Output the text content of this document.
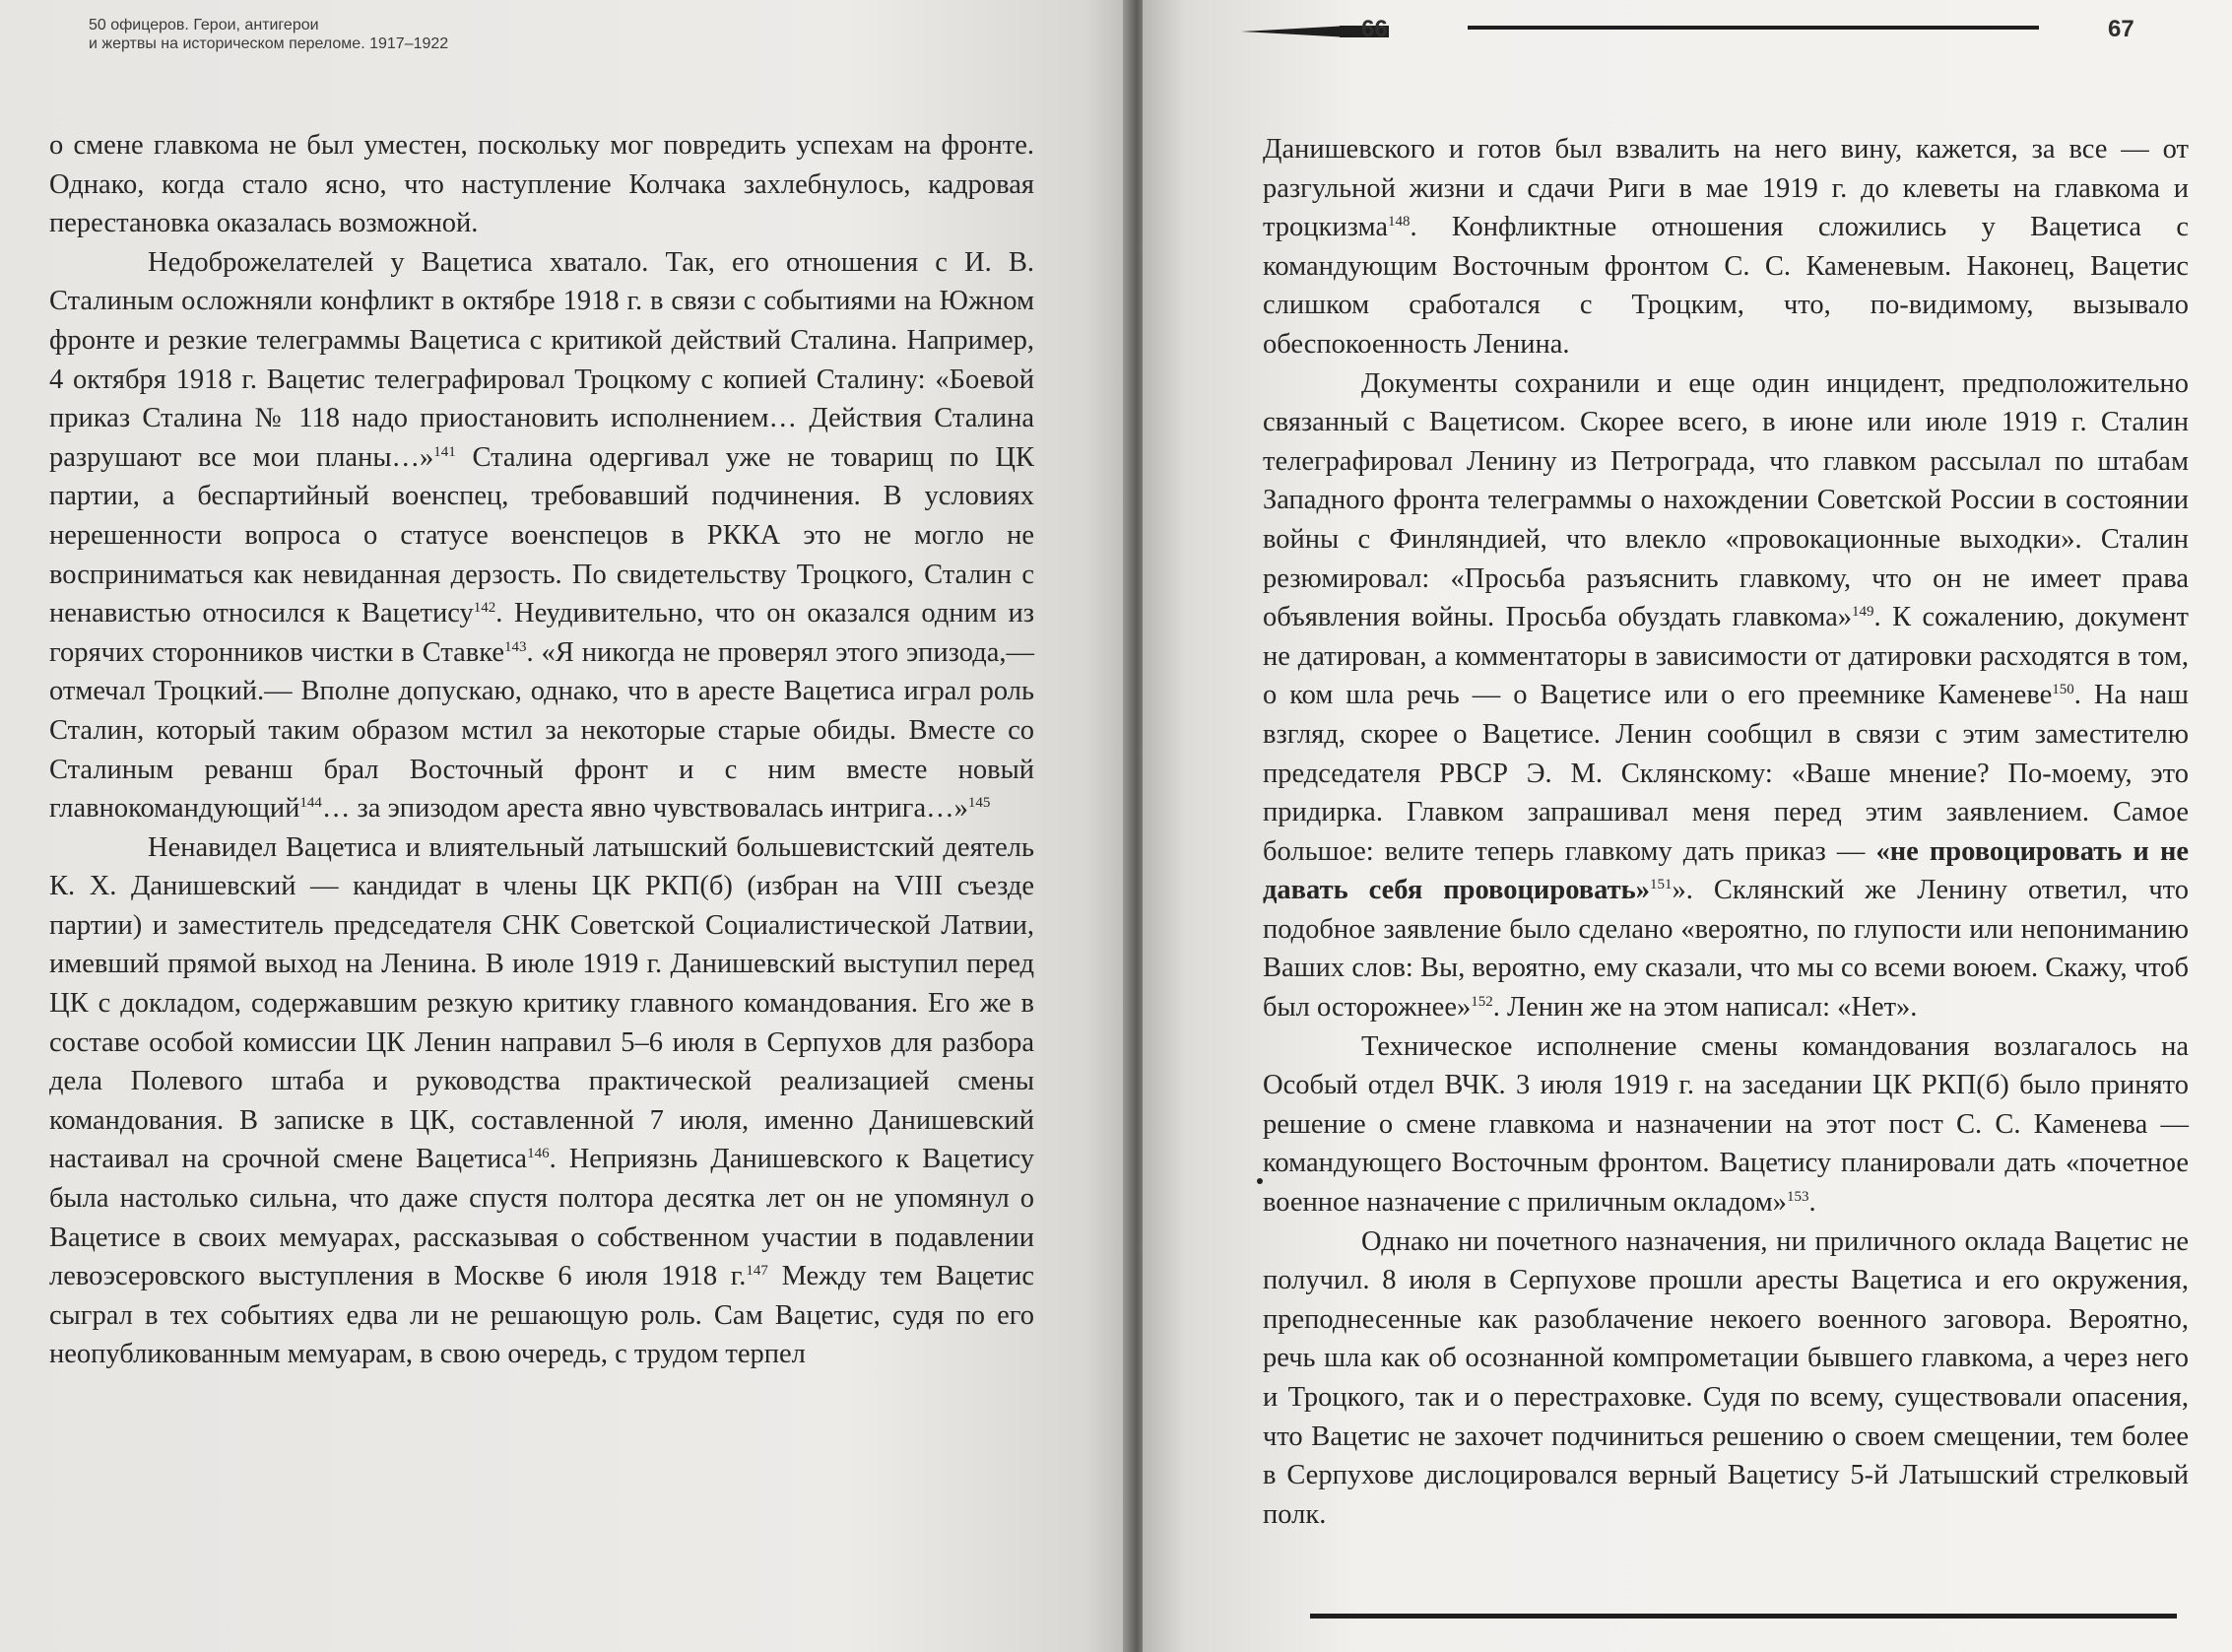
50 офицеров. Герои, антигерои
и жертвы на историческом переломе. 1917–1922

о смене главкома не был уместен, поскольку мог повредить успехам на фронте. Однако, когда стало ясно, что наступление Колчака захлебнулось, кадровая перестановка оказалась возможной.

Недоброжелателей у Вацетиса хватало. Так, его отношения с И. В. Сталиным осложняли конфликт в октябре 1918 г. в связи с событиями на Южном фронте и резкие телеграммы Вацетиса с критикой действий Сталина. Например, 4 октября 1918 г. Вацетис телеграфировал Троцкому с копией Сталину: «Боевой приказ Сталина № 118 надо приостановить исполнением… Действия Сталина разрушают все мои планы…»$^{141}$ Сталина одергивал уже не товарищ по ЦК партии, а беспартийный военспец, требовавший подчинения. В условиях нерешенности вопроса о статусе военспецов в РККА это не могло не восприниматься как невиданная дерзость. По свидетельству Троцкого, Сталин с ненавистью относился к Вацетису$^{142}$. Неудивительно, что он оказался одним из горячих сторонников чистки в Ставке$^{143}$. «Я никогда не проверял этого эпизода,— отмечал Троцкий.— Вполне допускаю, однако, что в аресте Вацетиса играл роль Сталин, который таким образом мстил за некоторые старые обиды. Вместе со Сталиным реванш брал Восточный фронт и с ним вместе новый главнокомандующий$^{144}$… за эпизодом ареста явно чувствовалась интрига…»$^{145}$

Ненавидел Вацетиса и влиятельный латышский большевистский деятель К. Х. Данишевский — кандидат в члены ЦК РКП(б) (избран на VIII съезде партии) и заместитель председателя СНК Советской Социалистической Латвии, имевший прямой выход на Ленина. В июле 1919 г. Данишевский выступил перед ЦК с докладом, содержавшим резкую критику главного командования. Его же в составе особой комиссии ЦК Ленин направил 5–6 июля в Серпухов для разбора дела Полевого штаба и руководства практической реализацией смены командования. В записке в ЦК, составленной 7 июля, именно Данишевский настаивал на срочной смене Вацетиса$^{146}$. Неприязнь Данишевского к Вацетису была настолько сильна, что даже спустя полтора десятка лет он не упомянул о Вацетисе в своих мемуарах, рассказывая о собственном участии в подавлении левоэсеровского выступления в Москве 6 июля 1918 г.$^{147}$ Между тем Вацетис сыграл в тех событиях едва ли не решающую роль. Сам Вацетис, судя по его неопубликованным мемуарам, в свою очередь, с трудом терпел

66	67

Данишевского и готов был взвалить на него вину, кажется, за все — от разгульной жизни и сдачи Риги в мае 1919 г. до клеветы на главкома и троцкизма$^{148}$. Конфликтные отношения сложились у Вацетиса с командующим Восточным фронтом С. С. Каменевым. Наконец, Вацетис слишком сработался с Троцким, что, по-видимому, вызывало обеспокоенность Ленина.

Документы сохранили и еще один инцидент, предположительно связанный с Вацетисом. Скорее всего, в июне или июле 1919 г. Сталин телеграфировал Ленину из Петрограда, что главком рассылал по штабам Западного фронта телеграммы о нахождении Советской России в состоянии войны с Финляндией, что влекло «провокационные выходки». Сталин резюмировал: «Просьба разъяснить главкому, что он не имеет права объявления войны. Просьба обуздать главкома»$^{149}$. К сожалению, документ не датирован, а комментаторы в зависимости от датировки расходятся в том, о ком шла речь — о Вацетисе или о его преемнике Каменеве$^{150}$. На наш взгляд, скорее о Вацетисе. Ленин сообщил в связи с этим заместителю председателя РВСР Э. М. Склянскому: «Ваше мнение? По-моему, это придирка. Главком запрашивал меня перед этим заявлением. Самое большое: велите теперь главкому дать приказ — «не провоцировать и не давать себя провоцировать»$^{151}$». Склянский же Ленину ответил, что подобное заявление было сделано «вероятно, по глупости или непониманию Ваших слов: Вы, вероятно, ему сказали, что мы со всеми воюем. Скажу, чтоб был осторожнее»$^{152}$. Ленин же на этом написал: «Нет».

Техническое исполнение смены командования возлагалось на Особый отдел ВЧК. 3 июля 1919 г. на заседании ЦК РКП(б) было принято решение о смене главкома и назначении на этот пост С. С. Каменева — командующего Восточным фронтом. Вацетису планировали дать «почетное военное назначение с приличным окладом»$^{153}$.

Однако ни почетного назначения, ни приличного оклада Вацетис не получил. 8 июля в Серпухове прошли аресты Вацетиса и его окружения, преподнесенные как разоблачение некоего военного заговора. Вероятно, речь шла как об осознанной компрометации бывшего главкома, а через него и Троцкого, так и о перестраховке. Судя по всему, существовали опасения, что Вацетис не захочет подчиниться решению о своем смещении, тем более в Серпухове дислоцировался верный Вацетису 5-й Латышский стрелковый полк.
